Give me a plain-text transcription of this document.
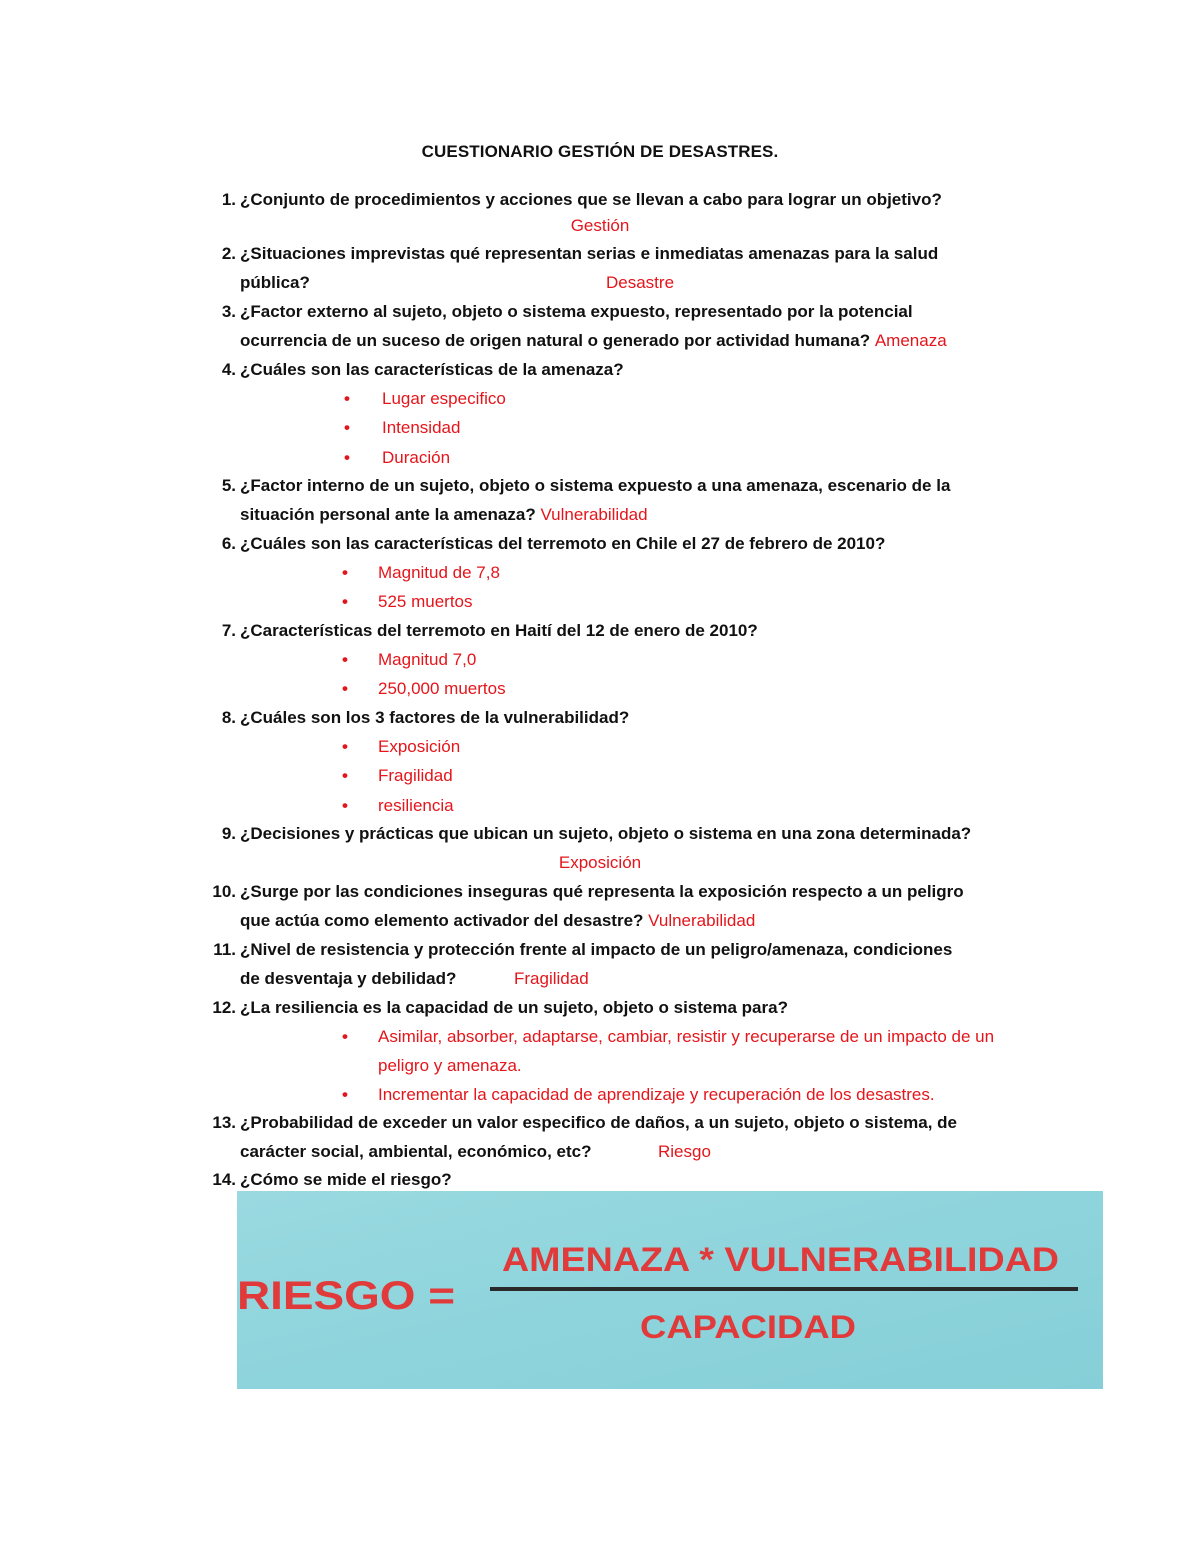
CUESTIONARIO GESTIÓN DE DESASTRES.
1. ¿Conjunto de procedimientos y acciones que se llevan a cabo para lograr un objetivo?
Gestión
2. ¿Situaciones imprevistas qué representan serias e inmediatas amenazas para la salud
pública?	Desastre
3. ¿Factor externo al sujeto, objeto o sistema expuesto, representado por la potencial
ocurrencia de un suceso de origen natural o generado por actividad humana? Amenaza
4. ¿Cuáles son las características de la amenaza?
• Lugar especifico
• Intensidad
• Duración
5. ¿Factor interno de un sujeto, objeto o sistema expuesto a una amenaza, escenario de la
situación personal ante la amenaza? Vulnerabilidad
6. ¿Cuáles son las características del terremoto en Chile el 27 de febrero de 2010?
• Magnitud de 7,8
• 525 muertos
7. ¿Características del terremoto en Haití del 12 de enero de 2010?
• Magnitud 7,0
• 250,000 muertos
8. ¿Cuáles son los 3 factores de la vulnerabilidad?
• Exposición
• Fragilidad
• resiliencia
9. ¿Decisiones y prácticas que ubican un sujeto, objeto o sistema en una zona determinada?
Exposición
10. ¿Surge por las condiciones inseguras qué representa la exposición respecto a un peligro
que actúa como elemento activador del desastre? Vulnerabilidad
11. ¿Nivel de resistencia y protección frente al impacto de un peligro/amenaza, condiciones
de desventaja y debilidad?	Fragilidad
12. ¿La resiliencia es la capacidad de un sujeto, objeto o sistema para?
• Asimilar, absorber, adaptarse, cambiar, resistir y recuperarse de un impacto de un peligro y amenaza.
• Incrementar la capacidad de aprendizaje y recuperación de los desastres.
13. ¿Probabilidad de exceder un valor especifico de daños, a un sujeto, objeto o sistema, de
carácter social, ambiental, económico, etc?	Riesgo
14. ¿Cómo se mide el riesgo?
RIESGO =
AMENAZA * VULNERABILIDAD
CAPACIDAD
